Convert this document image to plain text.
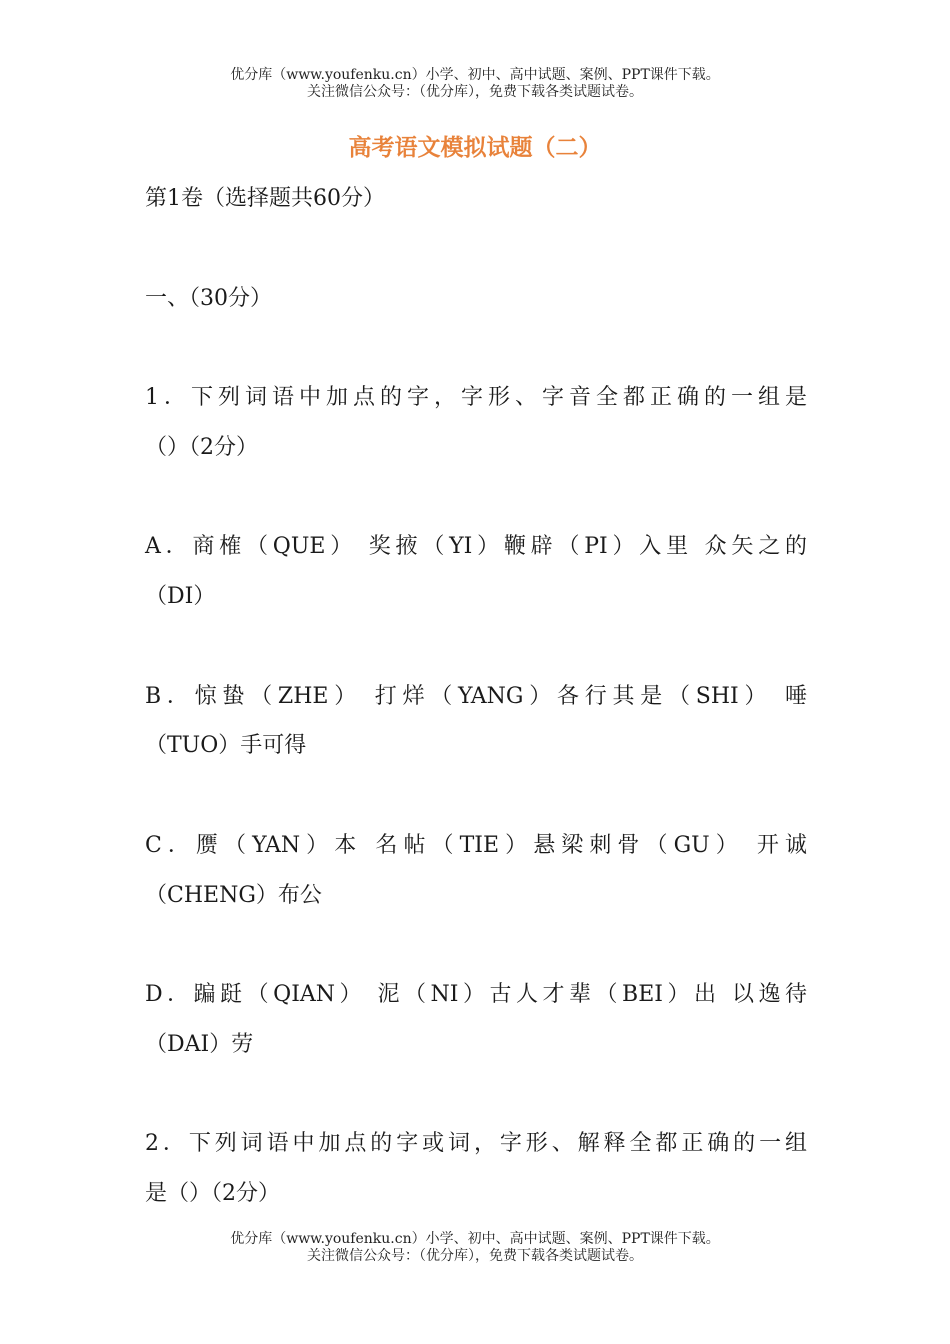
优分库（www.youfenku.cn）小学、初中、高中试题、案例、PPT课件下载。
关注微信公众号：（优分库），免费下载各类试题试卷。
高考语文模拟试题（二）
第1卷（选择题共60分）
一、（30分）
1．下列词语中加点的字，字形、字音全都正确的一组是
（）（2分）
A．商榷（QUE） 奖掖（YI）鞭辟（PI）入里 众矢之的
（DI）
B．惊蛰（ZHE） 打烊（YANG）各行其是（SHI） 唾
（TUO）手可得
C．赝（YAN）本 名帖（TIE）悬梁刺骨（GU） 开诚
（CHENG）布公
D．蹁跹（QIAN） 泥（NI）古人才辈（BEI）出 以逸待
（DAI）劳
2．下列词语中加点的字或词，字形、解释全都正确的一组
是（）（2分）
优分库（www.youfenku.cn）小学、初中、高中试题、案例、PPT课件下载。
关注微信公众号：（优分库），免费下载各类试题试卷。
